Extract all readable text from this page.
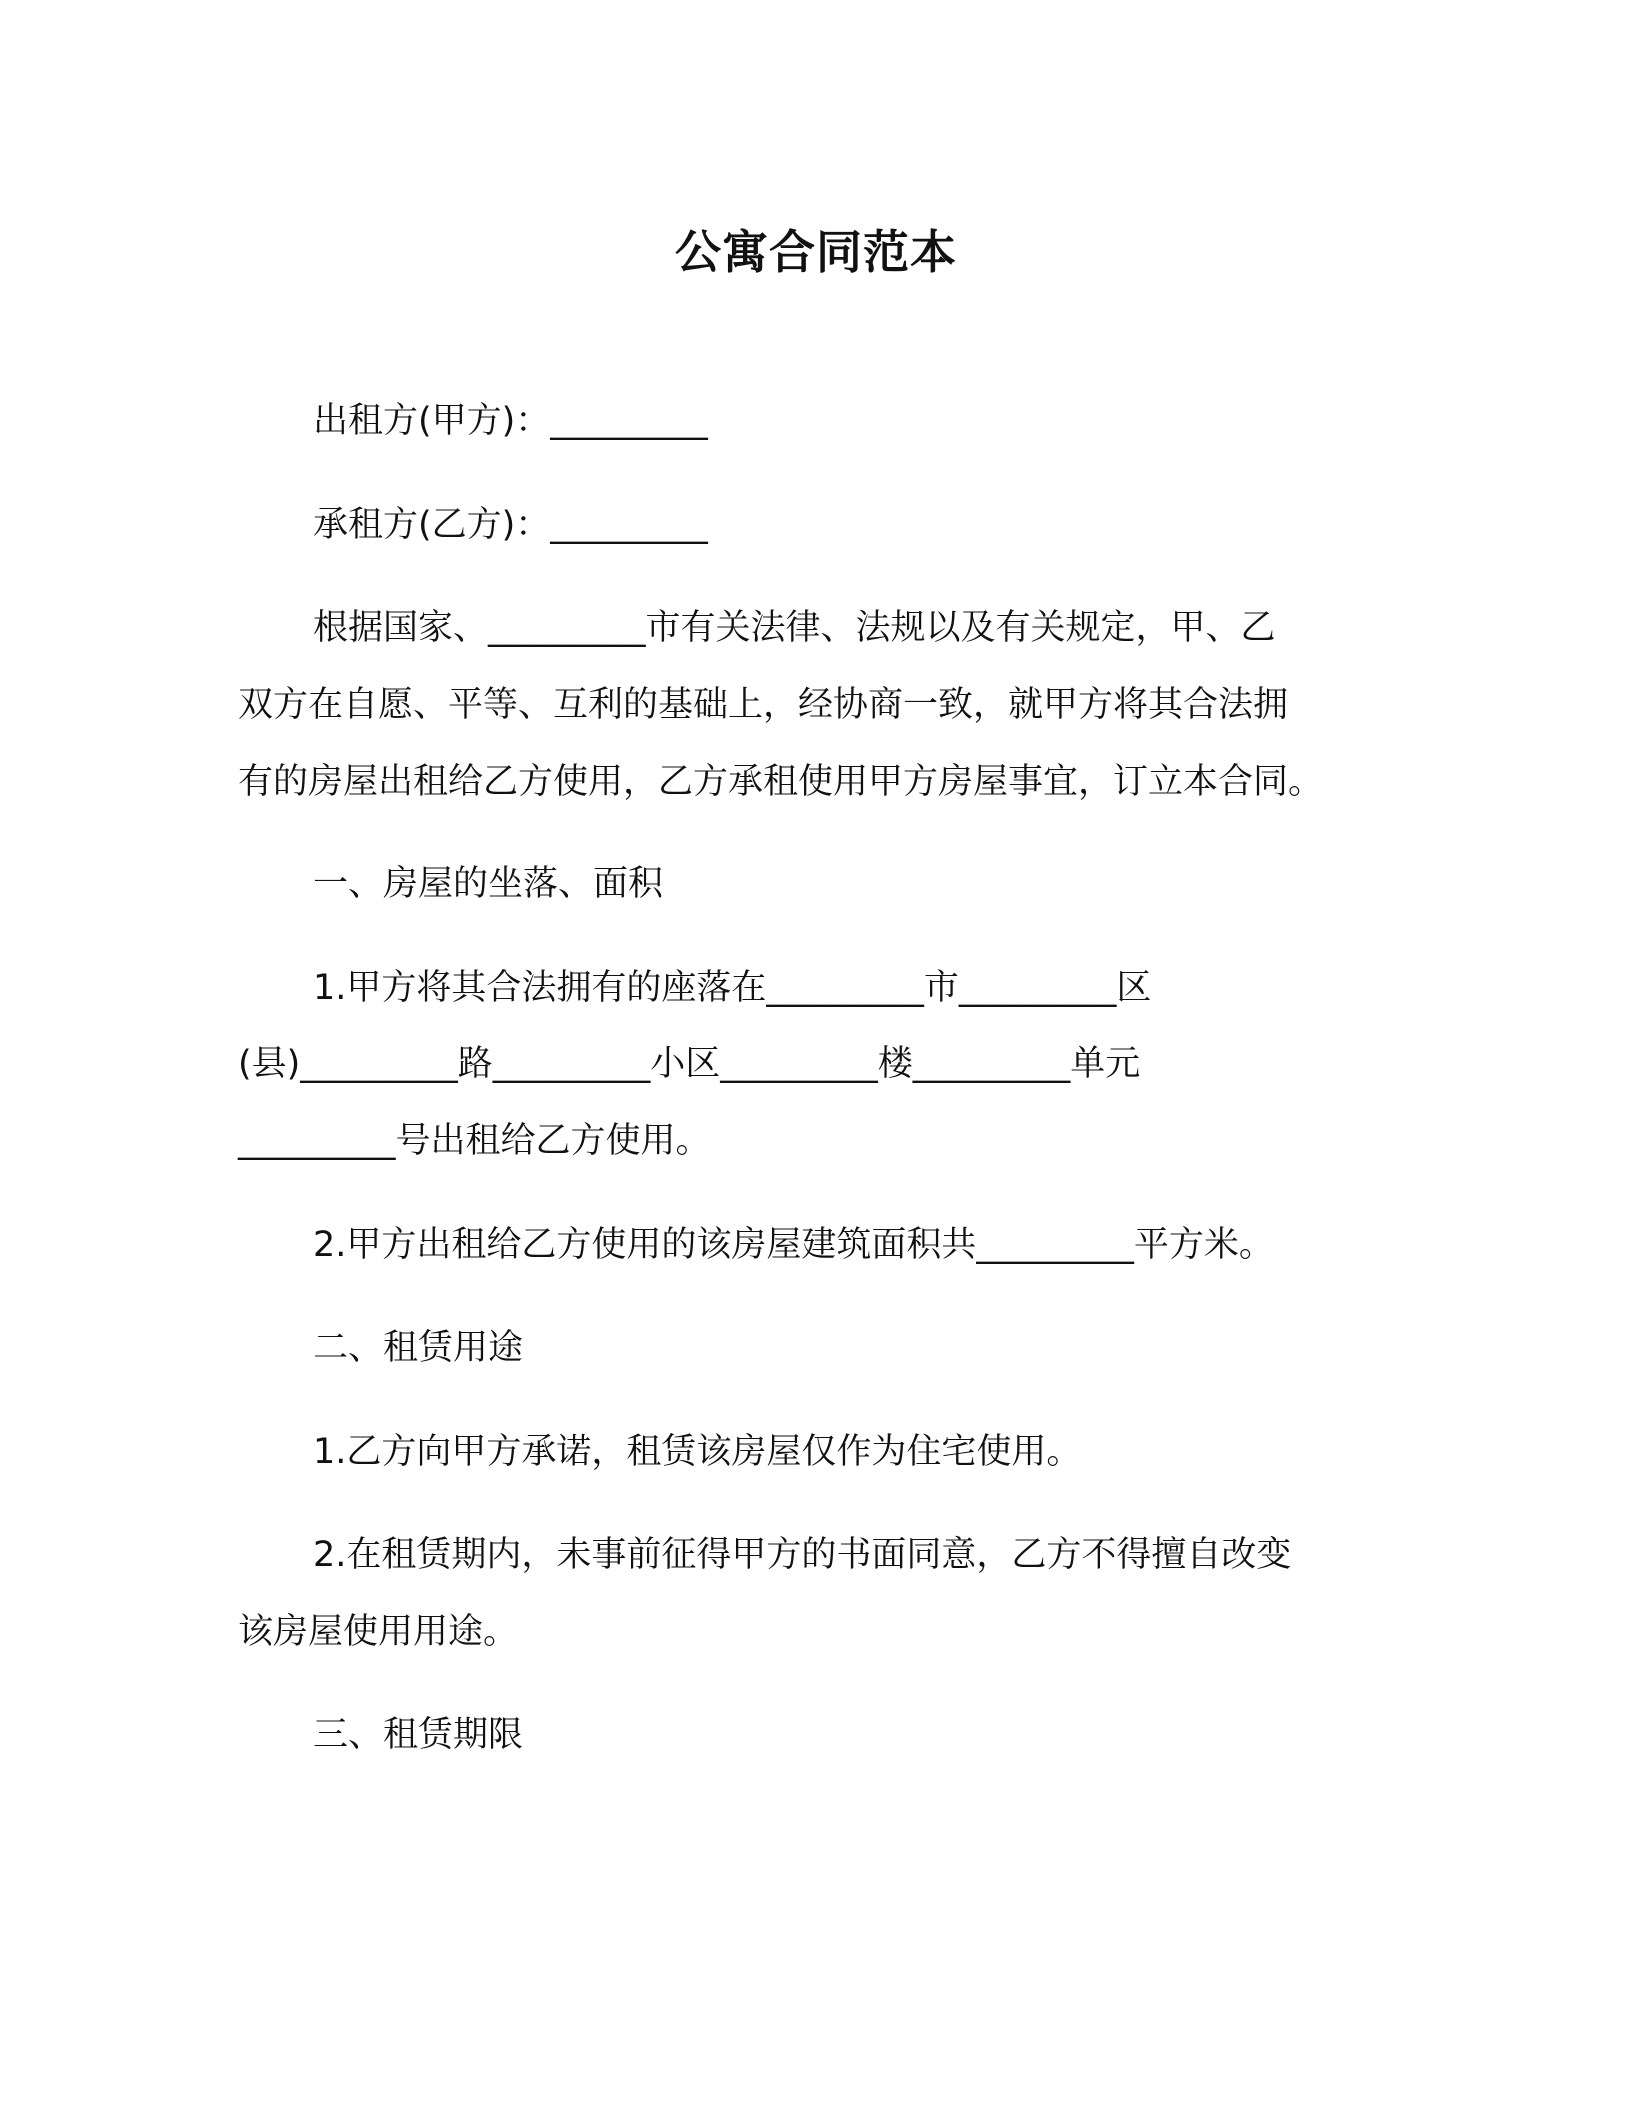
公寓合同范本
出租方(甲方)：_________
承租方(乙方)：_________
根据国家、_________市有关法律、法规以及有关规定，甲、乙
双方在自愿、平等、互利的基础上，经协商一致，就甲方将其合法拥
有的房屋出租给乙方使用，乙方承租使用甲方房屋事宜，订立本合同。
一、房屋的坐落、面积
1.甲方将其合法拥有的座落在_________市_________区
(县)_________路_________小区_________楼_________单元
_________号出租给乙方使用。
2.甲方出租给乙方使用的该房屋建筑面积共_________平方米。
二、租赁用途
1.乙方向甲方承诺，租赁该房屋仅作为住宅使用。
2.在租赁期内，未事前征得甲方的书面同意，乙方不得擅自改变
该房屋使用用途。
三、租赁期限
